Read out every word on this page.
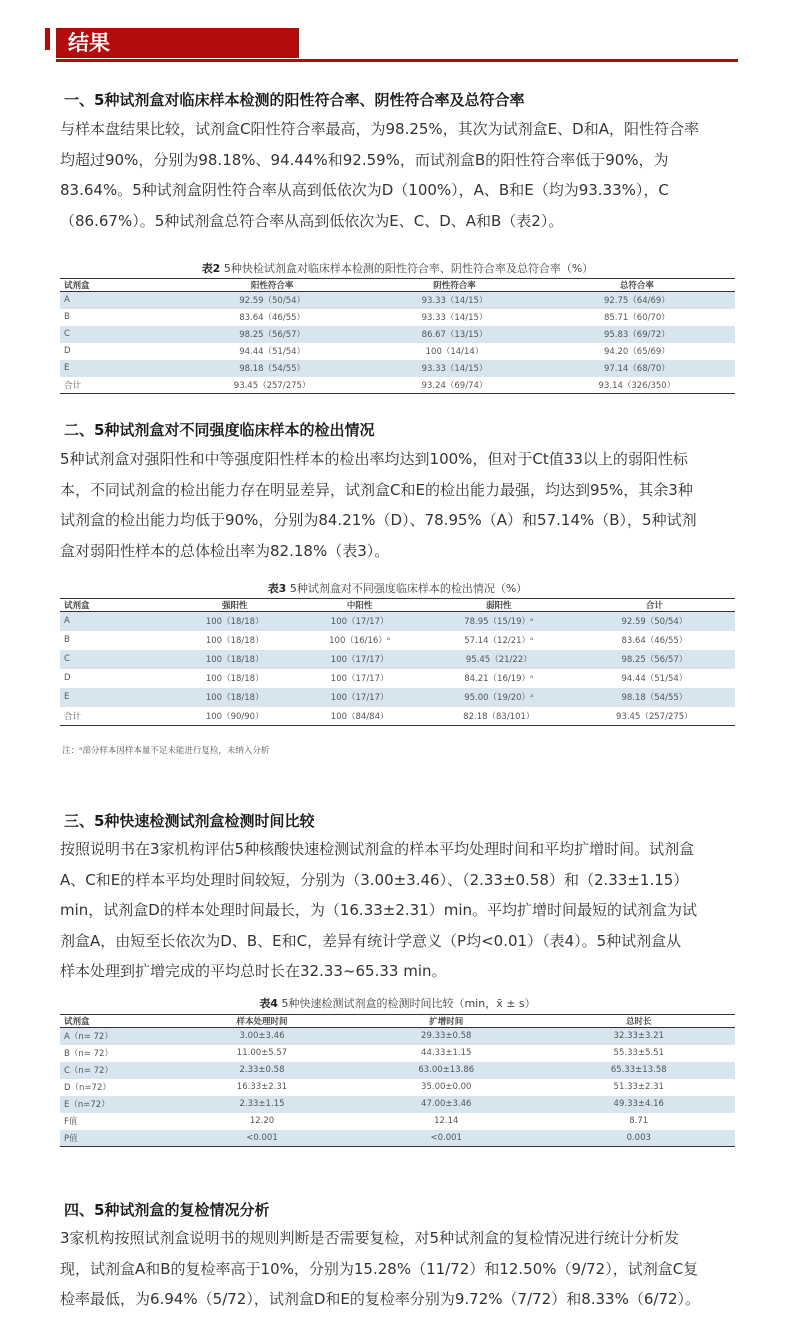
结果
一、5种试剂盒对临床样本检测的阳性符合率、阴性符合率及总符合率
与样本盘结果比较，试剂盒C阳性符合率最高，为98.25%，其次为试剂盒E、D和A，阳性符合率
均超过90%，分别为98.18%、94.44%和92.59%，而试剂盒B的阳性符合率低于90%，为
83.64%。5种试剂盒阴性符合率从高到低依次为D（100%），A、B和E（均为93.33%），C
（86.67%）。5种试剂盒总符合率从高到低依次为E、C、D、A和B（表2）。
表2 5种快检试剂盒对临床样本检测的阳性符合率、阴性符合率及总符合率（%）
试剂盒	阳性符合率	阴性符合率	总符合率
A	92.59（50/54）	93.33（14/15）	92.75（64/69）
B	83.64（46/55）	93.33（14/15）	85.71（60/70）
C	98.25（56/57）	86.67（13/15）	95.83（69/72）
D	94.44（51/54）	100（14/14）	94.20（65/69）
E	98.18（54/55）	93.33（14/15）	97.14（68/70）
合计	93.45（257/275）	93.24（69/74）	93.14（326/350）
二、5种试剂盒对不同强度临床样本的检出情况
5种试剂盒对强阳性和中等强度阳性样本的检出率均达到100%，但对于Ct值33以上的弱阳性标
本，不同试剂盒的检出能力存在明显差异，试剂盒C和E的检出能力最强，均达到95%，其余3种
试剂盒的检出能力均低于90%，分别为84.21%（D）、78.95%（A）和57.14%（B），5种试剂
盒对弱阳性样本的总体检出率为82.18%（表3）。
表3 5种试剂盒对不同强度临床样本的检出情况（%）
试剂盒	强阳性	中阳性	弱阳性	合计
A	100（18/18）	100（17/17）	78.95（15/19）ᵃ	92.59（50/54）
B	100（18/18）	100（16/16）ᵃ	57.14（12/21）ᵃ	83.64（46/55）
C	100（18/18）	100（17/17）	95.45（21/22）	98.25（56/57）
D	100（18/18）	100（17/17）	84.21（16/19）ᵃ	94.44（51/54）
E	100（18/18）	100（17/17）	95.00（19/20）ᵃ	98.18（54/55）
合计	100（90/90）	100（84/84）	82.18（83/101）	93.45（257/275）
注：ᵃ部分样本因样本量不足未能进行复检，未纳入分析
三、5种快速检测试剂盒检测时间比较
按照说明书在3家机构评估5种核酸快速检测试剂盒的样本平均处理时间和平均扩增时间。试剂盒
A、C和E的样本平均处理时间较短，分别为（3.00±3.46）、（2.33±0.58）和（2.33±1.15）
min，试剂盒D的样本处理时间最长，为（16.33±2.31）min。平均扩增时间最短的试剂盒为试
剂盒A，由短至长依次为D、B、E和C，差异有统计学意义（P均<0.01）（表4）。5种试剂盒从
样本处理到扩增完成的平均总时长在32.33~65.33 min。
表4 5种快速检测试剂盒的检测时间比较（min，x̄ ± s）
试剂盒	样本处理时间	扩增时间	总时长
A（n= 72）	3.00±3.46	29.33±0.58	32.33±3.21
B（n= 72）	11.00±5.57	44.33±1.15	55.33±5.51
C（n= 72）	2.33±0.58	63.00±13.86	65.33±13.58
D（n=72）	16.33±2.31	35.00±0.00	51.33±2.31
E（n=72）	2.33±1.15	47.00±3.46	49.33±4.16
F值	12.20	12.14	8.71
P值	<0.001	<0.001	0.003
四、5种试剂盒的复检情况分析
3家机构按照试剂盒说明书的规则判断是否需要复检，对5种试剂盒的复检情况进行统计分析发
现，试剂盒A和B的复检率高于10%，分别为15.28%（11/72）和12.50%（9/72），试剂盒C复
检率最低，为6.94%（5/72），试剂盒D和E的复检率分别为9.72%（7/72）和8.33%（6/72）。
